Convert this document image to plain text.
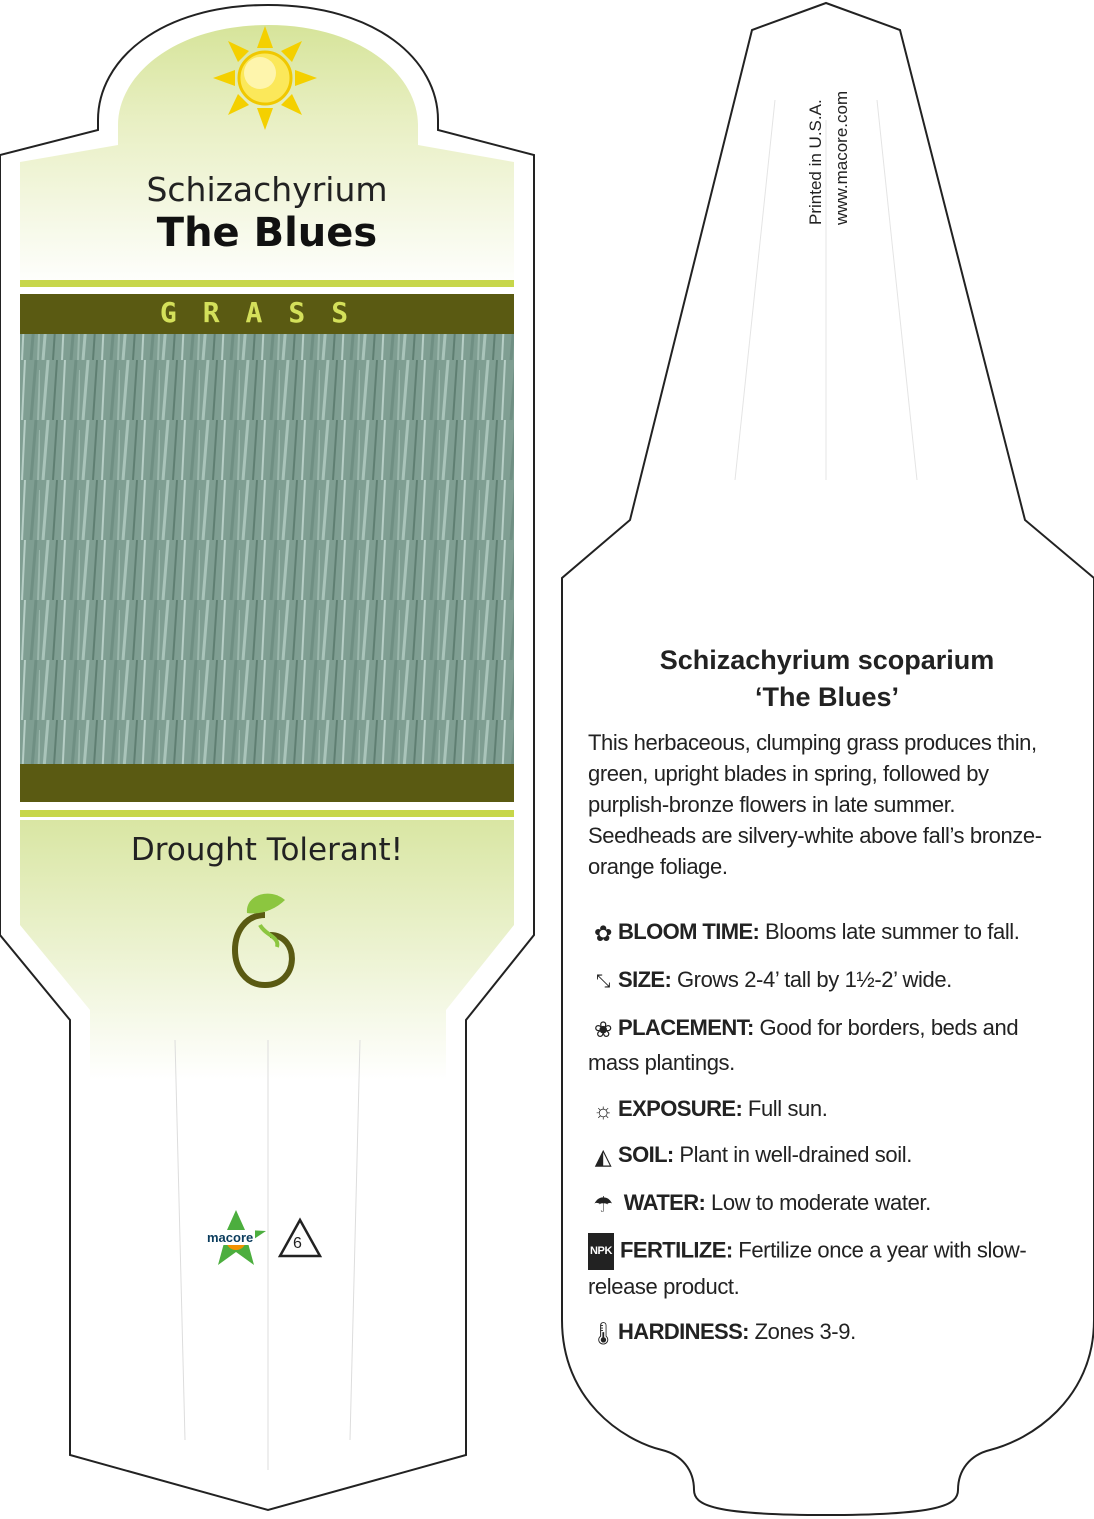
Schizachyrium
The Blues
GRASS
Drought Tolerant!
macore 6
Printed in U.S.A. www.macore.com
Schizachyrium scoparium
‘The Blues’
This herbaceous, clumping grass produces thin, green, upright blades in spring, followed by purplish-bronze flowers in late summer. Seedheads are silvery-white above fall’s bronze-orange foliage.
✿ BLOOM TIME: Blooms late summer to fall.
⤡ SIZE: Grows 2-4’ tall by 1½-2’ wide.
❀ PLACEMENT: Good for borders, beds and mass plantings.
☼ EXPOSURE: Full sun.
◭ SOIL: Plant in well-drained soil.
☂ WATER: Low to moderate water.
NPK FERTILIZE: Fertilize once a year with slow-release product.
🌡HARDINESS: Zones 3-9.
